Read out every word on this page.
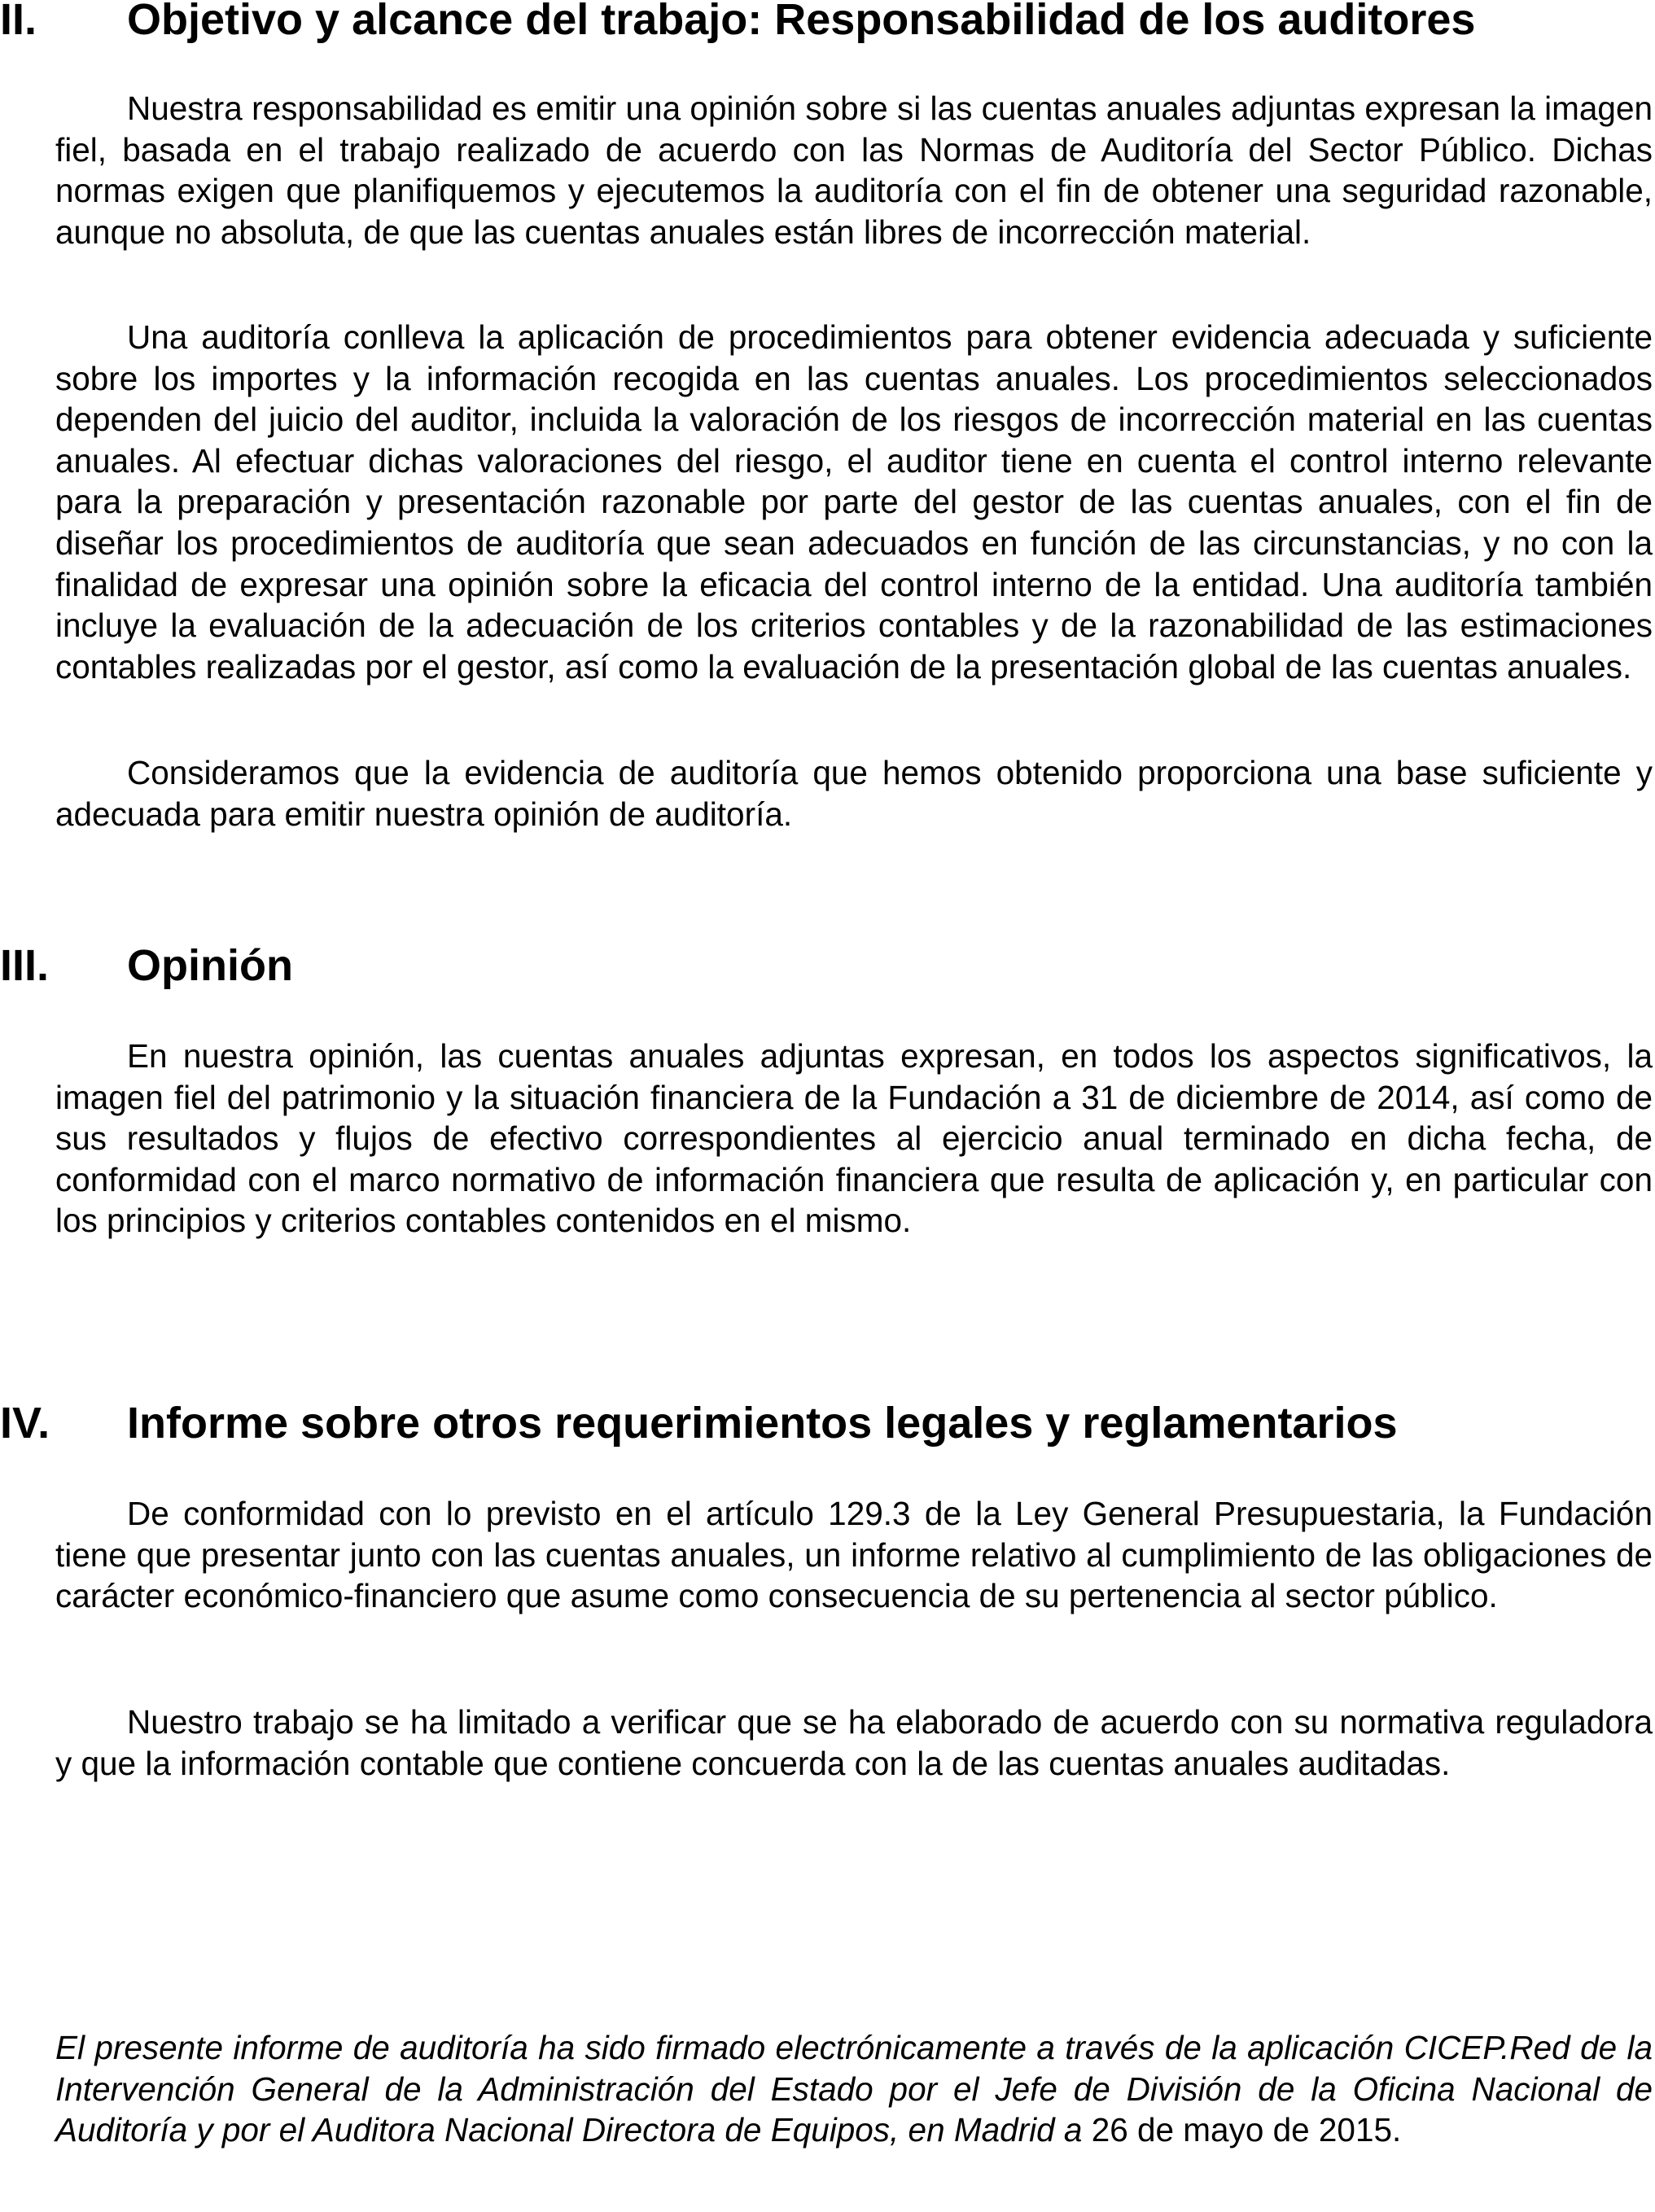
II. Objetivo y alcance del trabajo: Responsabilidad de los auditores

Nuestra responsabilidad es emitir una opinión sobre si las cuentas anuales adjuntas expresan la imagen fiel, basada en el trabajo realizado de acuerdo con las Normas de Auditoría del Sector Público. Dichas normas exigen que planifiquemos y ejecutemos la auditoría con el fin de obtener una seguridad razonable, aunque no absoluta, de que las cuentas anuales están libres de incorrección material.

Una auditoría conlleva la aplicación de procedimientos para obtener evidencia adecuada y suficiente sobre los importes y la información recogida en las cuentas anuales. Los procedimientos seleccionados dependen del juicio del auditor, incluida la valoración de los riesgos de incorrección material en las cuentas anuales. Al efectuar dichas valoraciones del riesgo, el auditor tiene en cuenta el control interno relevante para la preparación y presentación razonable por parte del gestor de las cuentas anuales, con el fin de diseñar los procedimientos de auditoría que sean adecuados en función de las circunstancias, y no con la finalidad de expresar una opinión sobre la eficacia del control interno de la entidad. Una auditoría también incluye la evaluación de la adecuación de los criterios contables y de la razonabilidad de las estimaciones contables realizadas por el gestor, así como la evaluación de la presentación global de las cuentas anuales.

Consideramos que la evidencia de auditoría que hemos obtenido proporciona una base suficiente y adecuada para emitir nuestra opinión de auditoría.

III. Opinión

En nuestra opinión, las cuentas anuales adjuntas expresan, en todos los aspectos significativos, la imagen fiel del patrimonio y la situación financiera de la Fundación a 31 de diciembre de 2014, así como de sus resultados y flujos de efectivo correspondientes al ejercicio anual terminado en dicha fecha, de conformidad con el marco normativo de información financiera que resulta de aplicación y, en particular con los principios y criterios contables contenidos en el mismo.

IV. Informe sobre otros requerimientos legales y reglamentarios

De conformidad con lo previsto en el artículo 129.3 de la Ley General Presupuestaria, la Fundación tiene que presentar junto con las cuentas anuales, un informe relativo al cumplimiento de las obligaciones de carácter económico-financiero que asume como consecuencia de su pertenencia al sector público.

Nuestro trabajo se ha limitado a verificar que se ha elaborado de acuerdo con su normativa reguladora y que la información contable que contiene concuerda con la de las cuentas anuales auditadas.

El presente informe de auditoría ha sido firmado electrónicamente a través de la aplicación CICEP.Red de la Intervención General de la Administración del Estado por el Jefe de División de la Oficina Nacional de Auditoría y por el Auditora Nacional Directora de Equipos, en Madrid a 26 de mayo de 2015.
